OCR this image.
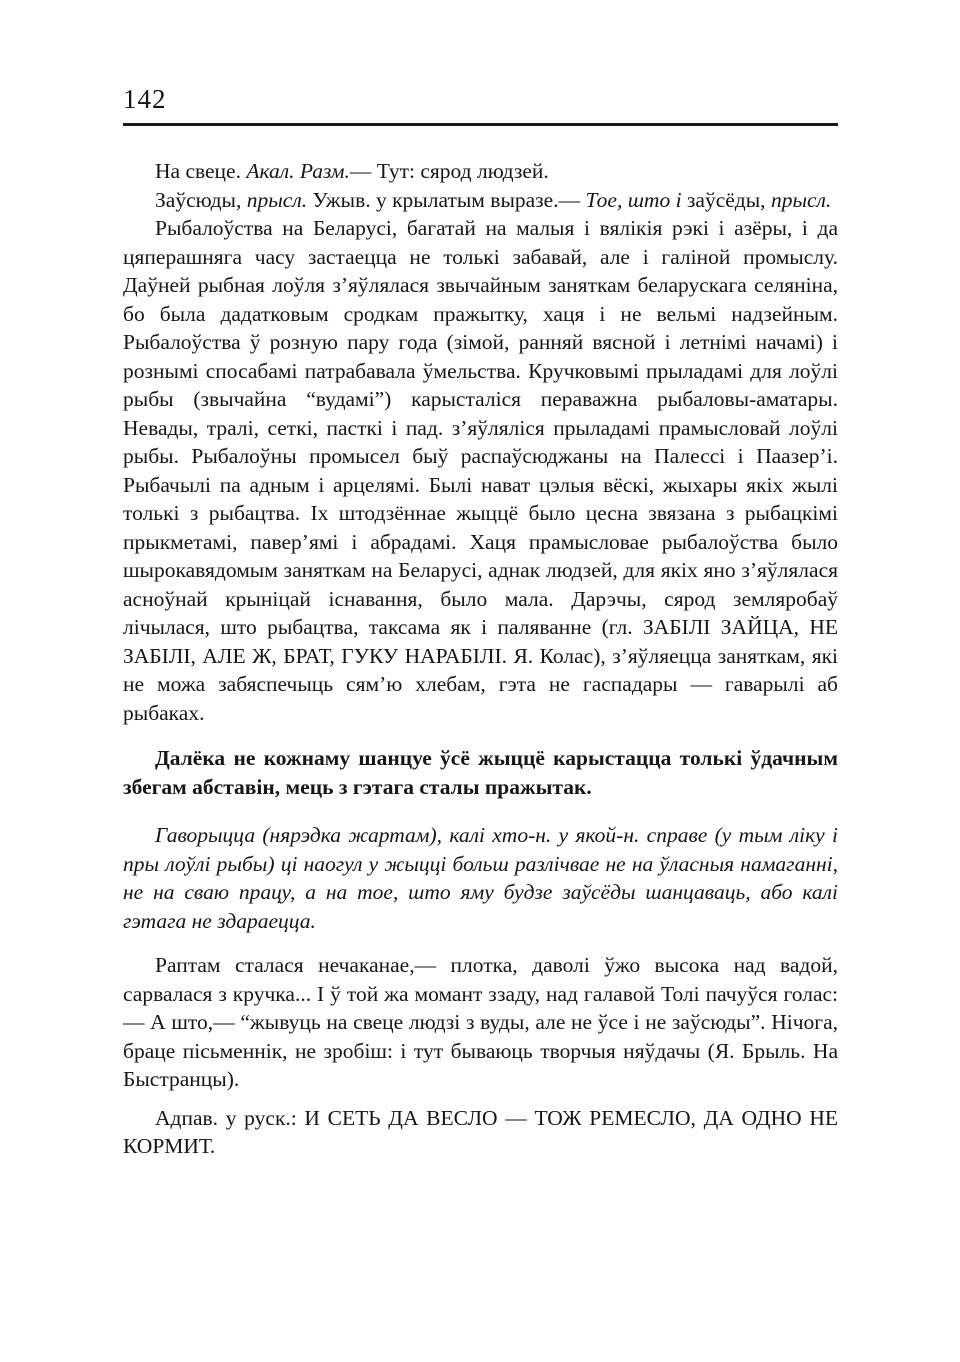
142

На свеце. Акал. Разм.— Тут: сярод людзей.

Заўсюды, прысл. Ужыв. у крылатым выразе.— Тое, што і заўсёды, прысл.

Рыбалоўства на Беларусі, багатай на малыя і вялікія рэкі і азёры, і да цяперашняга часу застаецца не толькі забавай, але і галіной промыслу. Даўней рыбная лоўля з’яўлялася звычайным заняткам беларускага селяніна, бо была дадатковым сродкам пражытку, хаця і не вельмі надзейным. Рыбалоўства ў розную пару года (зімой, ранняй вясной і летнімі начамі) і рознымі спосабамі патрабавала ўмельства. Кручковымі прыладамі для лоўлі рыбы (звычайна “вудамі”) карысталіся пераважна рыбаловы-аматары. Невады, тралі, сеткі, пасткі і пад. з’яўляліся прыладамі прамысловай лоўлі рыбы. Рыбалоўны промысел быў распаўсюджаны на Палессі і Паазер’і. Рыбачылі па адным і арцелямі. Былі нават цэлыя вёскі, жыхары якіх жылі толькі з рыбацтва. Іх штодзённае жыццё было цесна звязана з рыбацкімі прыкметамі, павер’ямі і абрадамі. Хаця прамысловае рыбалоўства было шырокавядомым заняткам на Беларусі, аднак людзей, для якіх яно з’яўлялася асноўнай крыніцай існавання, было мала. Дарэчы, сярод земляробаў лічылася, што рыбацтва, таксама як і паляванне (гл. ЗАБІЛІ ЗАЙЦА, НЕ ЗАБІЛІ, АЛЕ Ж, БРАТ, ГУКУ НАРАБІЛІ. Я. Колас), з’яўляецца заняткам, які не можа забяспечыць сям’ю хлебам, гэта не гаспадары — гаварылі аб рыбаках.

Далёка не кожнаму шанцуе ўсё жыццё карыстацца толькі ўдачным збегам абставін, мець з гэтага сталы пражытак.

Гаворыцца (нярэдка жартам), калі хто-н. у якой-н. справе (у тым ліку і пры лоўлі рыбы) ці наогул у жыцці больш разлічвае не на ўласныя намаганні, не на сваю працу, а на тое, што яму будзе заўсёды шанцаваць, або калі гэтага не здараецца.

Раптам сталася нечаканае,— плотка, даволі ўжо высока над вадой, сарвалася з кручка... І ў той жа момант ззаду, над галавой Толі пачуўся голас: — А што,— “жывуць на свеце людзі з вуды, але не ўсе і не заўсюды”. Нічога, браце пісьменнік, не зробіш: і тут бываюць творчыя няўдачы (Я. Брыль. На Быстранцы).

Адпав. у руск.: И СЕТЬ ДА ВЕСЛО — ТОЖ РЕМЕСЛО, ДА ОДНО НЕ КОРМИТ.
